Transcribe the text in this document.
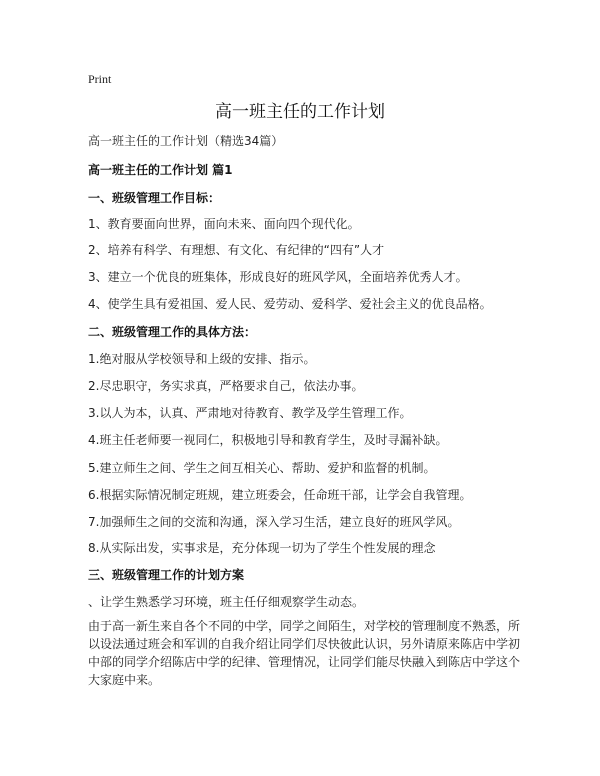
Print
高一班主任的工作计划
高一班主任的工作计划（精选34篇）
高一班主任的工作计划 篇1
一、班级管理工作目标：
1、教育要面向世界，面向未来、面向四个现代化。
2、培养有科学、有理想、有文化、有纪律的“四有”人才
3、建立一个优良的班集体，形成良好的班风学风，全面培养优秀人才。
4、使学生具有爱祖国、爱人民、爱劳动、爱科学、爱社会主义的优良品格。
二、班级管理工作的具体方法：
1.绝对服从学校领导和上级的安排、指示。
2.尽忠职守，务实求真，严格要求自己，依法办事。
3.以人为本，认真、严肃地对待教育、教学及学生管理工作。
4.班主任老师要一视同仁，积极地引导和教育学生，及时寻漏补缺。
5.建立师生之间、学生之间互相关心、帮助、爱护和监督的机制。
6.根据实际情况制定班规，建立班委会，任命班干部，让学会自我管理。
7.加强师生之间的交流和沟通，深入学习生活，建立良好的班风学风。
8.从实际出发，实事求是，充分体现一切为了学生个性发展的理念
三、班级管理工作的计划方案
、让学生熟悉学习环境，班主任仔细观察学生动态。
由于高一新生来自各个不同的中学，同学之间陌生，对学校的管理制度不熟悉，所
以设法通过班会和军训的自我介绍让同学们尽快彼此认识，另外请原来陈店中学初
中部的同学介绍陈店中学的纪律、管理情况，让同学们能尽快融入到陈店中学这个
大家庭中来。
